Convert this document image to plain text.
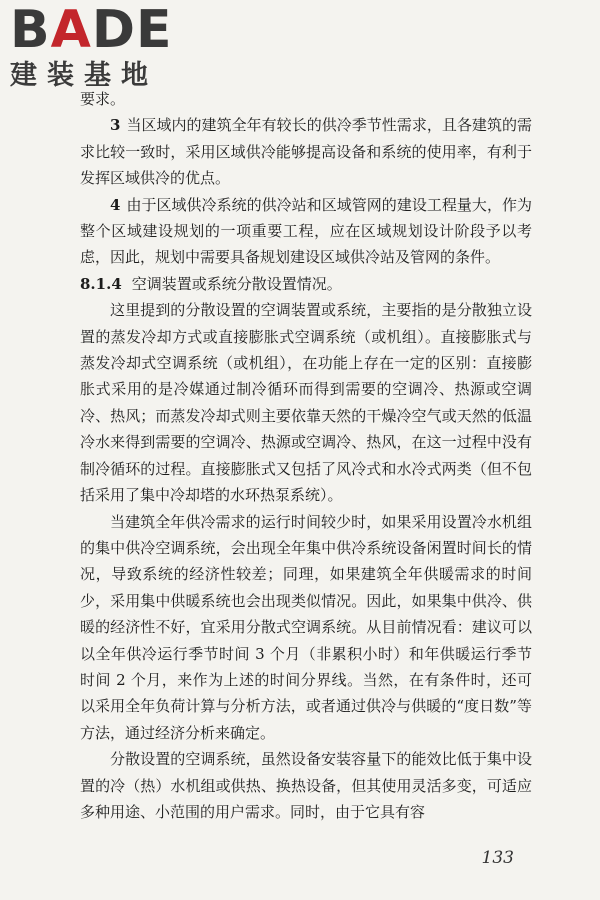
BADE
建装基地

要求。

3 当区域内的建筑全年有较长的供冷季节性需求，且各建筑的需求比较一致时，采用区域供冷能够提高设备和系统的使用率，有利于发挥区域供冷的优点。

4 由于区域供冷系统的供冷站和区域管网的建设工程量大，作为整个区域建设规划的一项重要工程，应在区域规划设计阶段予以考虑，因此，规划中需要具备规划建设区域供冷站及管网的条件。

8.1.4 空调装置或系统分散设置情况。

这里提到的分散设置的空调装置或系统，主要指的是分散独立设置的蒸发冷却方式或直接膨胀式空调系统（或机组）。直接膨胀式与蒸发冷却式空调系统（或机组），在功能上存在一定的区别：直接膨胀式采用的是冷媒通过制冷循环而得到需要的空调冷、热源或空调冷、热风；而蒸发冷却式则主要依靠天然的干燥冷空气或天然的低温冷水来得到需要的空调冷、热源或空调冷、热风，在这一过程中没有制冷循环的过程。直接膨胀式又包括了风冷式和水冷式两类（但不包括采用了集中冷却塔的水环热泵系统）。

当建筑全年供冷需求的运行时间较少时，如果采用设置冷水机组的集中供冷空调系统，会出现全年集中供冷系统设备闲置时间长的情况，导致系统的经济性较差；同理，如果建筑全年供暖需求的时间少，采用集中供暖系统也会出现类似情况。因此，如果集中供冷、供暖的经济性不好，宜采用分散式空调系统。从目前情况看：建议可以以全年供冷运行季节时间 3 个月（非累积小时）和年供暖运行季节时间 2 个月，来作为上述的时间分界线。当然，在有条件时，还可以采用全年负荷计算与分析方法，或者通过供冷与供暖的“度日数”等方法，通过经济分析来确定。

分散设置的空调系统，虽然设备安装容量下的能效比低于集中设置的冷（热）水机组或供热、换热设备，但其使用灵活多变，可适应多种用途、小范围的用户需求。同时，由于它具有容

133
